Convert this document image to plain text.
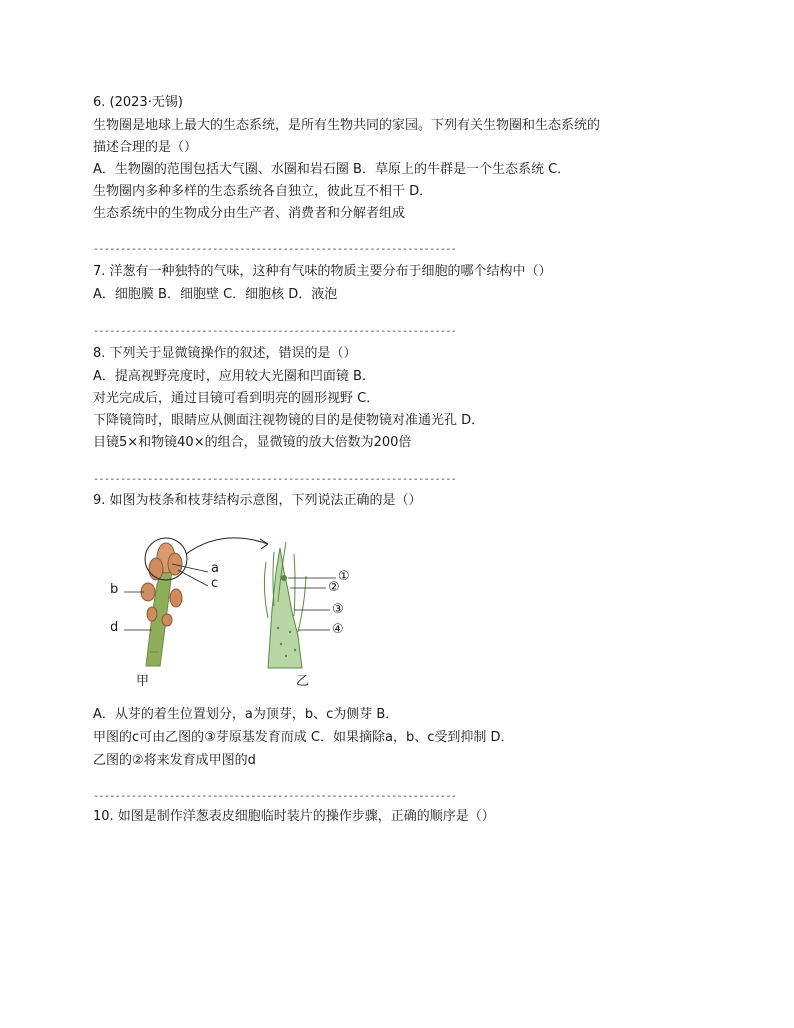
6. (2023·无锡)
生物圈是地球上最大的生态系统，是所有生物共同的家园。下列有关生物圈和生态系统的
描述合理的是（）
A．生物圈的范围包括大气圈、水圈和岩石圈 B．草原上的牛群是一个生态系统 C．
生物圈内多种多样的生态系统各自独立，彼此互不相干 D．
生态系统中的生物成分由生产者、消费者和分解者组成
-------------------------------------------------------------------
7. 洋葱有一种独特的气味，这种有气味的物质主要分布于细胞的哪个结构中（）
A．细胞膜 B．细胞壁 C．细胞核 D．液泡
-------------------------------------------------------------------
8. 下列关于显微镜操作的叙述，错误的是（）
A．提高视野亮度时，应用较大光圈和凹面镜 B．
对光完成后，通过目镜可看到明亮的圆形视野 C．
下降镜筒时，眼睛应从侧面注视物镜的目的是使物镜对准通光孔 D．
目镜5×和物镜40×的组合，显微镜的放大倍数为200倍
-------------------------------------------------------------------
9. 如图为枝条和枝芽结构示意图，下列说法正确的是（）
a
c
b
d
①
②
③
④
甲	乙
A．从芽的着生位置划分，a为顶芽，b、c为侧芽 B．
甲图的c可由乙图的③芽原基发育而成 C．如果摘除a，b、c受到抑制 D．
乙图的②将来发育成甲图的d
-------------------------------------------------------------------
10. 如图是制作洋葱表皮细胞临时装片的操作步骤，正确的顺序是（）
